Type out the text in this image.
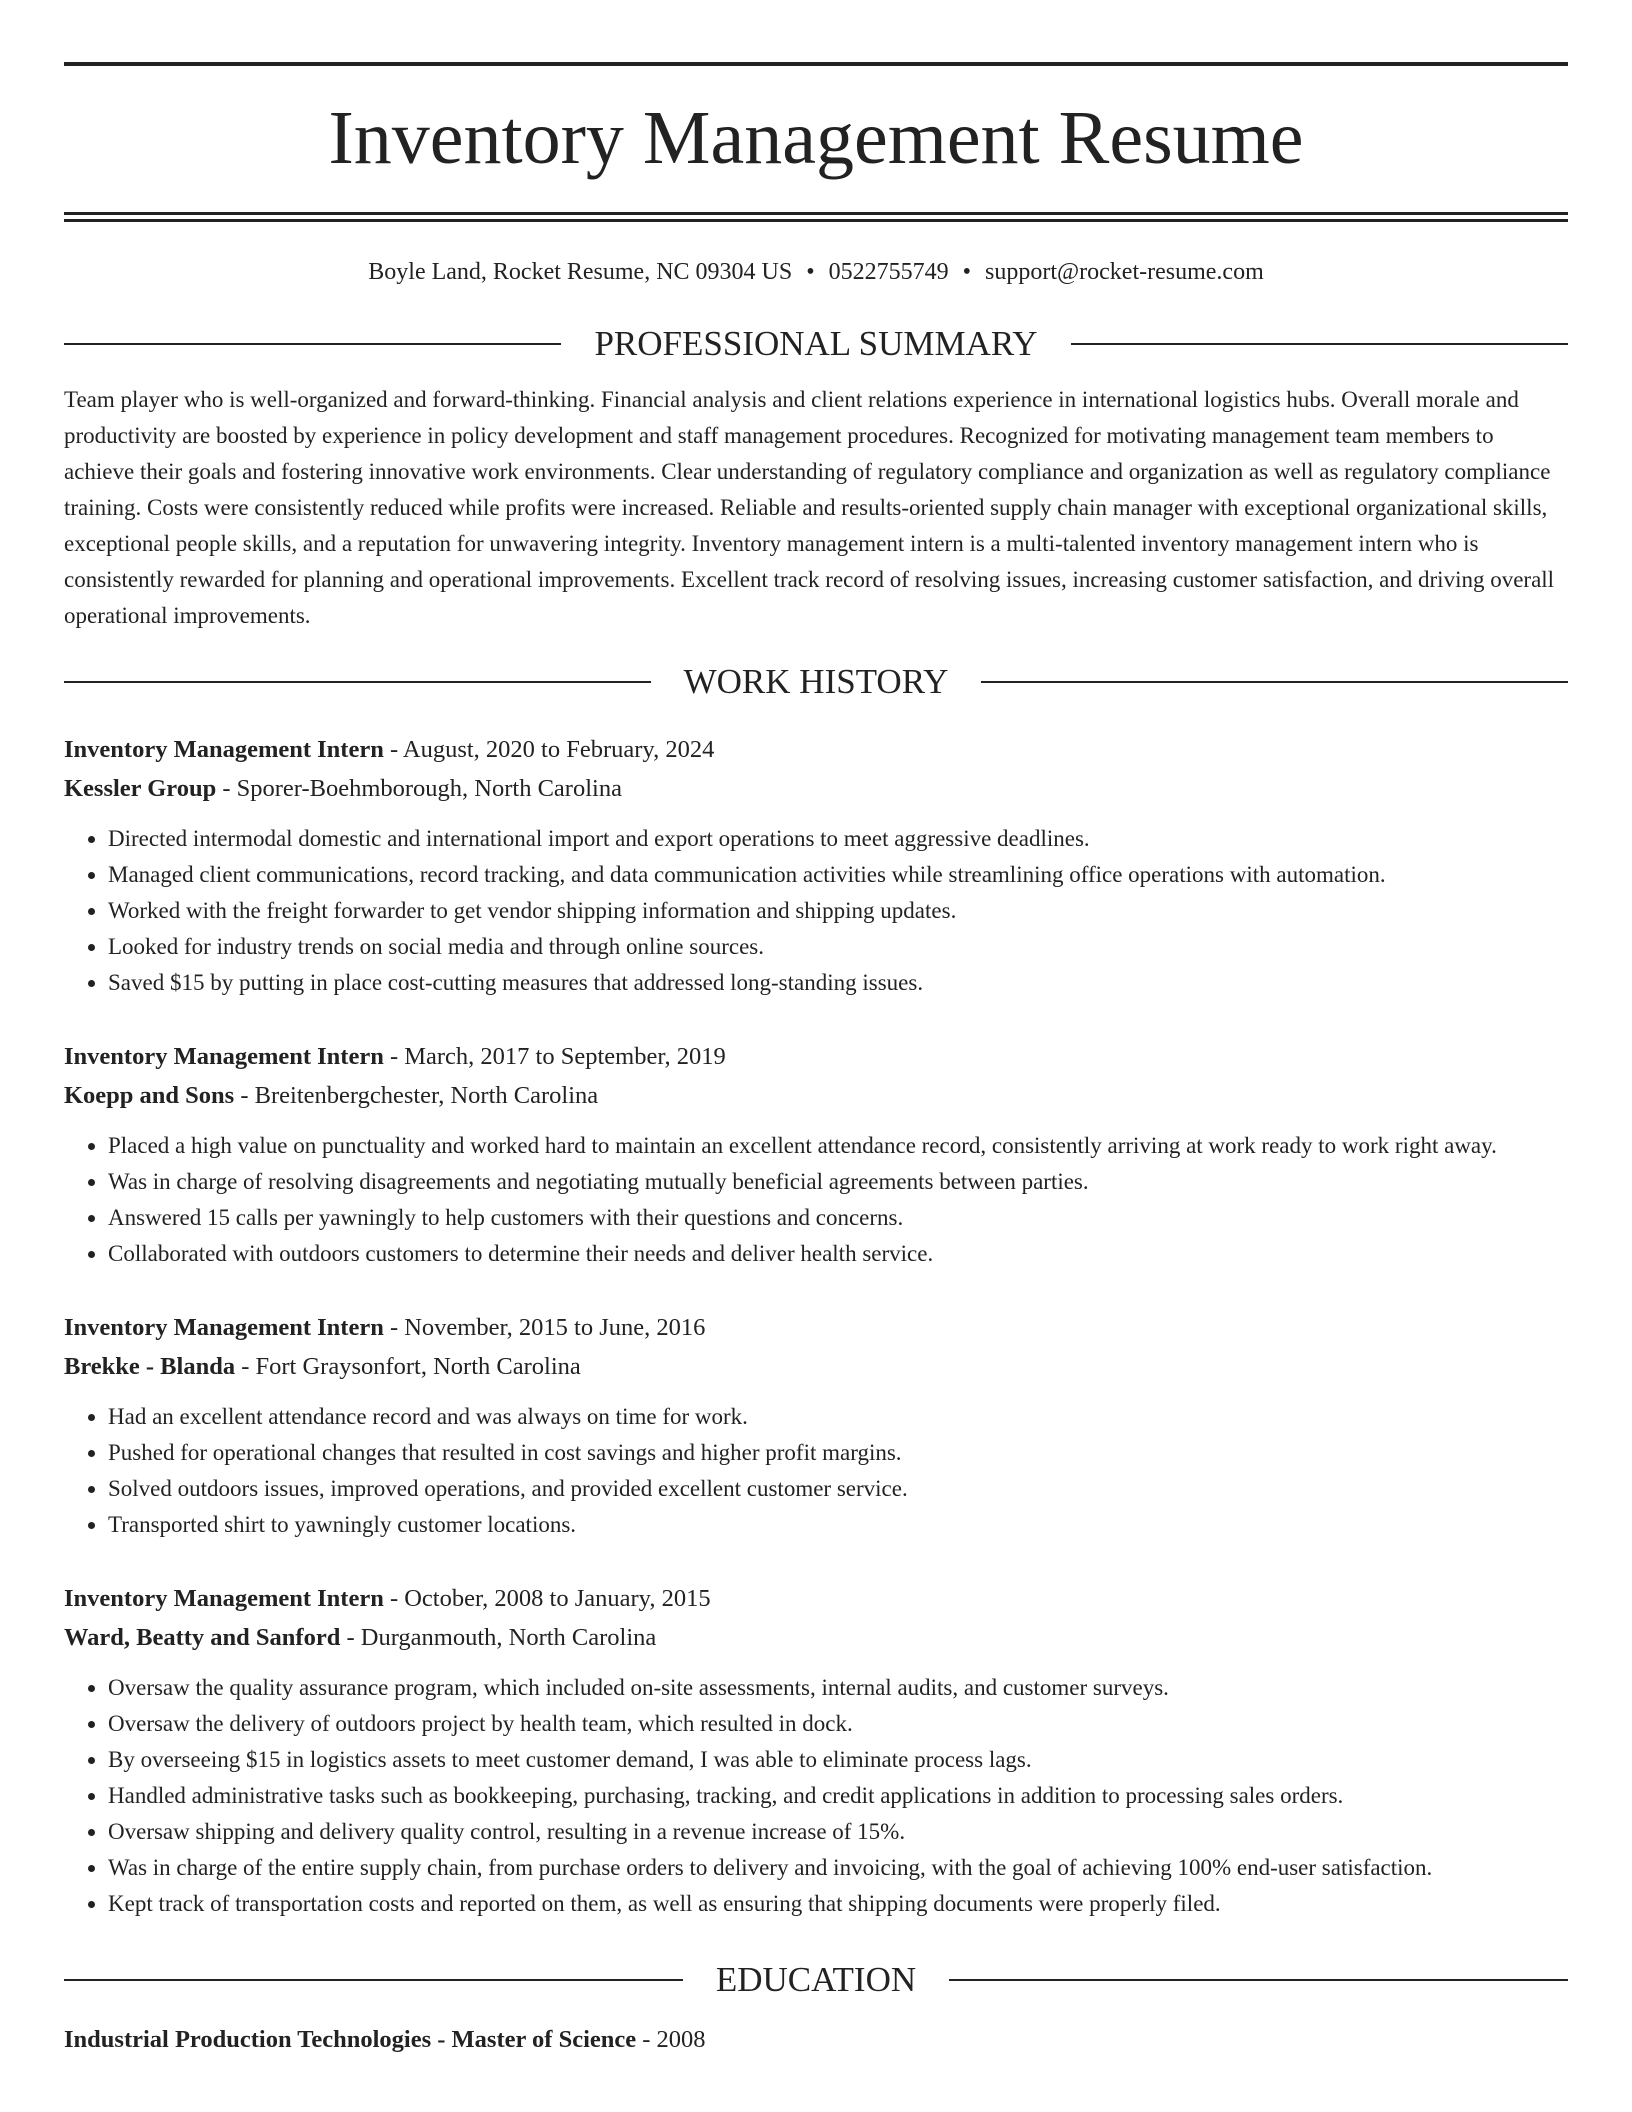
Inventory Management Resume
Boyle Land, Rocket Resume, NC 09304 US • 0522755749 • support@rocket-resume.com
PROFESSIONAL SUMMARY

Team player who is well-organized and forward-thinking. Financial analysis and client relations experience in international logistics hubs. Overall morale and productivity are boosted by experience in policy development and staff management procedures. Recognized for motivating management team members to achieve their goals and fostering innovative work environments. Clear understanding of regulatory compliance and organization as well as regulatory compliance training. Costs were consistently reduced while profits were increased. Reliable and results-oriented supply chain manager with exceptional organizational skills, exceptional people skills, and a reputation for unwavering integrity. Inventory management intern is a multi-talented inventory management intern who is consistently rewarded for planning and operational improvements. Excellent track record of resolving issues, increasing customer satisfaction, and driving overall operational improvements.

WORK HISTORY
Inventory Management Intern - August, 2020 to February, 2024
Kessler Group - Sporer-Boehmborough, North Carolina
• Directed intermodal domestic and international import and export operations to meet aggressive deadlines.
• Managed client communications, record tracking, and data communication activities while streamlining office operations with automation.
• Worked with the freight forwarder to get vendor shipping information and shipping updates.
• Looked for industry trends on social media and through online sources.
• Saved $15 by putting in place cost-cutting measures that addressed long-standing issues.
Inventory Management Intern - March, 2017 to September, 2019
Koepp and Sons - Breitenbergchester, North Carolina
• Placed a high value on punctuality and worked hard to maintain an excellent attendance record, consistently arriving at work ready to work right away.
• Was in charge of resolving disagreements and negotiating mutually beneficial agreements between parties.
• Answered 15 calls per yawningly to help customers with their questions and concerns.
• Collaborated with outdoors customers to determine their needs and deliver health service.
Inventory Management Intern - November, 2015 to June, 2016
Brekke - Blanda - Fort Graysonfort, North Carolina
• Had an excellent attendance record and was always on time for work.
• Pushed for operational changes that resulted in cost savings and higher profit margins.
• Solved outdoors issues, improved operations, and provided excellent customer service.
• Transported shirt to yawningly customer locations.
Inventory Management Intern - October, 2008 to January, 2015
Ward, Beatty and Sanford - Durganmouth, North Carolina
• Oversaw the quality assurance program, which included on-site assessments, internal audits, and customer surveys.
• Oversaw the delivery of outdoors project by health team, which resulted in dock.
• By overseeing $15 in logistics assets to meet customer demand, I was able to eliminate process lags.
• Handled administrative tasks such as bookkeeping, purchasing, tracking, and credit applications in addition to processing sales orders.
• Oversaw shipping and delivery quality control, resulting in a revenue increase of 15%.
• Was in charge of the entire supply chain, from purchase orders to delivery and invoicing, with the goal of achieving 100% end-user satisfaction.
• Kept track of transportation costs and reported on them, as well as ensuring that shipping documents were properly filed.
EDUCATION
Industrial Production Technologies - Master of Science - 2008
